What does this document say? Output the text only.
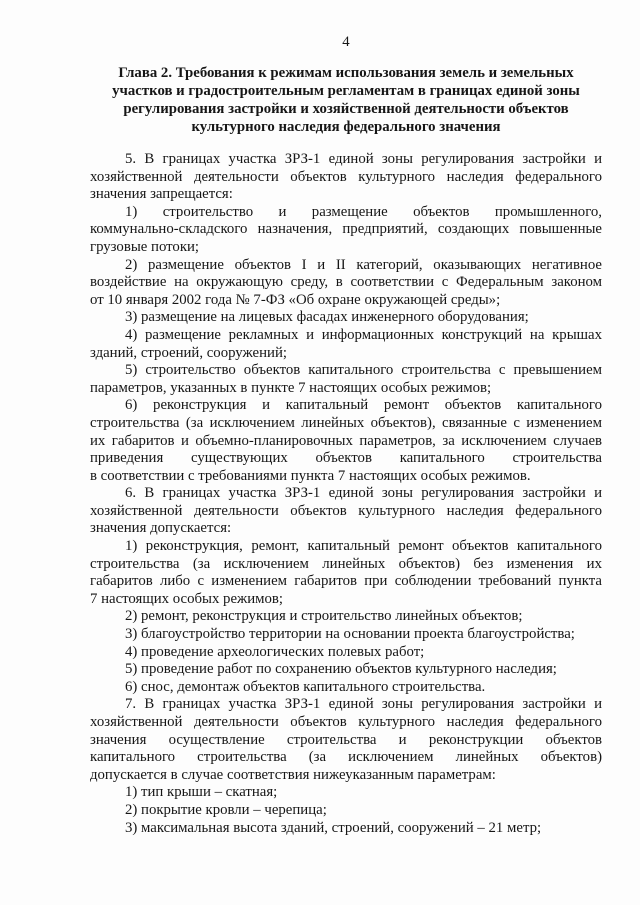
4
Глава 2. Требования к режимам использования земель и земельных
участков и градостроительным регламентам в границах единой зоны
регулирования застройки и хозяйственной деятельности объектов
культурного наследия федерального значения
5. В границах участка ЗРЗ-1 единой зоны регулирования застройки и
хозяйственной деятельности объектов культурного наследия федерального
значения запрещается:
1) строительство и размещение объектов промышленного,
коммунально-складского назначения, предприятий, создающих повышенные
грузовые потоки;
2) размещение объектов I и II категорий, оказывающих негативное
воздействие на окружающую среду, в соответствии с Федеральным законом
от 10 января 2002 года № 7-ФЗ «Об охране окружающей среды»;
3) размещение на лицевых фасадах инженерного оборудования;
4) размещение рекламных и информационных конструкций на крышах
зданий, строений, сооружений;
5) строительство объектов капитального строительства с превышением
параметров, указанных в пункте 7 настоящих особых режимов;
6) реконструкция и капитальный ремонт объектов капитального
строительства (за исключением линейных объектов), связанные с изменением
их габаритов и объемно-планировочных параметров, за исключением случаев
приведения существующих объектов капитального строительства
в соответствии с требованиями пункта 7 настоящих особых режимов.
6. В границах участка ЗРЗ-1 единой зоны регулирования застройки и
хозяйственной деятельности объектов культурного наследия федерального
значения допускается:
1) реконструкция, ремонт, капитальный ремонт объектов капитального
строительства (за исключением линейных объектов) без изменения их
габаритов либо с изменением габаритов при соблюдении требований пункта
7 настоящих особых режимов;
2) ремонт, реконструкция и строительство линейных объектов;
3) благоустройство территории на основании проекта благоустройства;
4) проведение археологических полевых работ;
5) проведение работ по сохранению объектов культурного наследия;
6) снос, демонтаж объектов капитального строительства.
7. В границах участка ЗРЗ-1 единой зоны регулирования застройки и
хозяйственной деятельности объектов культурного наследия федерального
значения осуществление строительства и реконструкции объектов
капитального строительства (за исключением линейных объектов)
допускается в случае соответствия нижеуказанным параметрам:
1) тип крыши – скатная;
2) покрытие кровли – черепица;
3) максимальная высота зданий, строений, сооружений – 21 метр;
